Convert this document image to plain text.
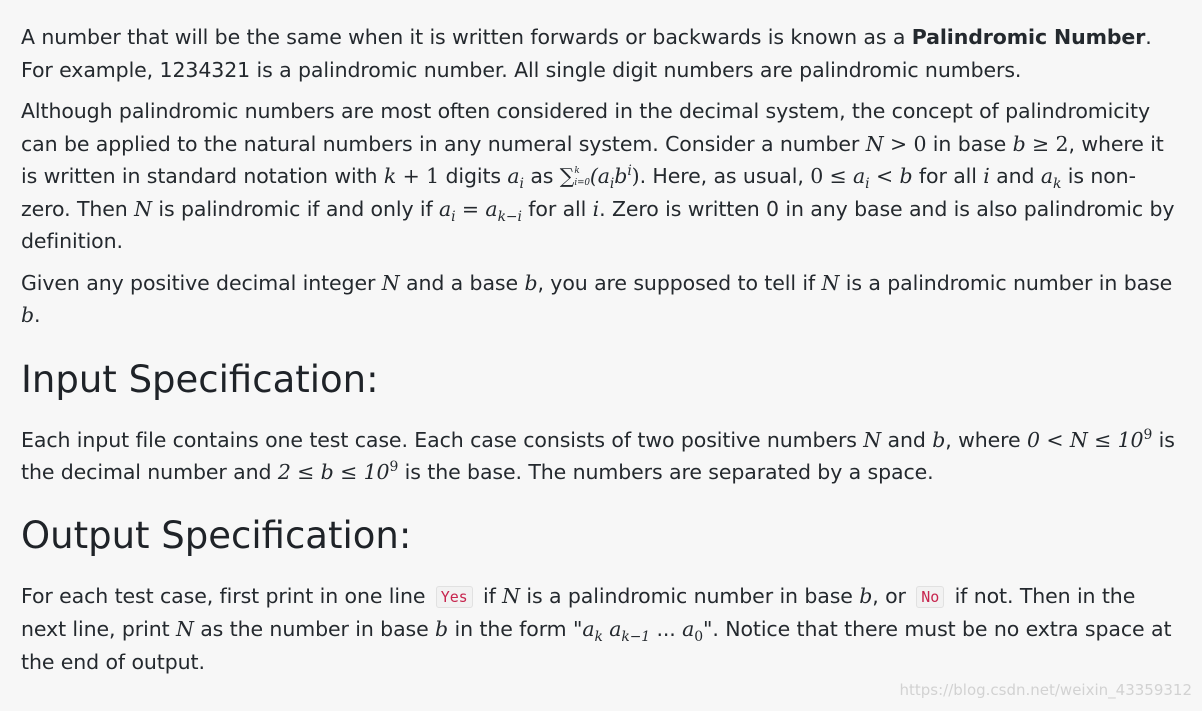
A number that will be the same when it is written forwards or backwards is known as a Palindromic Number. For example, 1234321 is a palindromic number. All single digit numbers are palindromic numbers.

Although palindromic numbers are most often considered in the decimal system, the concept of palindromicity can be applied to the natural numbers in any numeral system. Consider a number N > 0 in base b ≥ 2, where it is written in standard notation with k + 1 digits $a_i$ as ∑ k
i=0 $(a_ib^i)$. Here, as usual, $0 \le a_i < b$ for all i and $a_k$ is non-zero. Then N is palindromic if and only if $a_i = a_{k-i}$ for all i. Zero is written 0 in any base and is also palindromic by definition.

Given any positive decimal integer N and a base b, you are supposed to tell if N is a palindromic number in base b.

Input Specification:

Each input file contains one test case. Each case consists of two positive numbers N and b, where $0 < N \le 10^9$ is the decimal number and $2 \le b \le 10^9$ is the base. The numbers are separated by a space.

Output Specification:

For each test case, first print in one line Yes if N is a palindromic number in base b, or No if not. Then in the next line, print N as the number in base b in the form "$a_k$ $a_{k-1}$ ... $a_0$". Notice that there must be no extra space at the end of output.

https://blog.csdn.net/weixin_43359312
